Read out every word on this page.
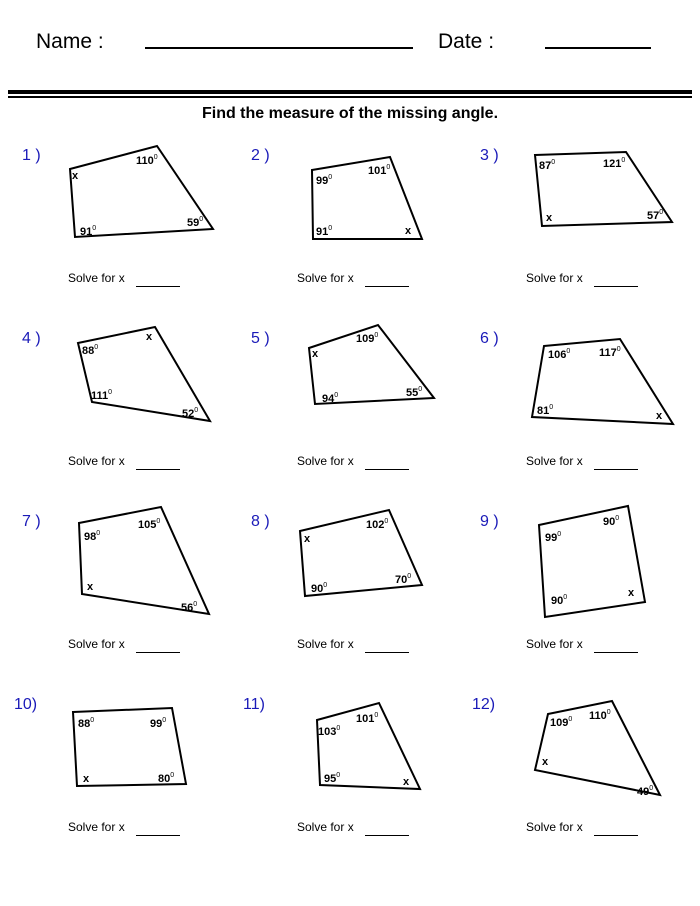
Name :	Date :
Find the measure of the missing angle.
1 )
x
$110^0$
$59^0$
$91^0$
Solve for x
2 )
$99^0$
$101^0$
x
$91^0$
Solve for x
3 )
$87^0$	$121^0$
$57^0$
x
Solve for x
4 )
$88^0$
x
$52^0$
$111^0$
Solve for x
5 )
x
$109^0$
$55^0$
$94^0$
Solve for x
6 )
$106^0$	$117^0$
x
$81^0$
Solve for x
7 )
$98^0$
$105^0$
$56^0$
x
Solve for x
8 )
x
$102^0$
$70^0$
$90^0$
Solve for x
9 )
$99^0$
$90^0$
x
$90^0$
Solve for x
10)
$88^0$	$99^0$
$80^0$
x
Solve for x
11)
$103^0$
$101^0$
x
$95^0$
Solve for x
12)
$109^0$ $110^0$
$49^0$
x
Solve for x
